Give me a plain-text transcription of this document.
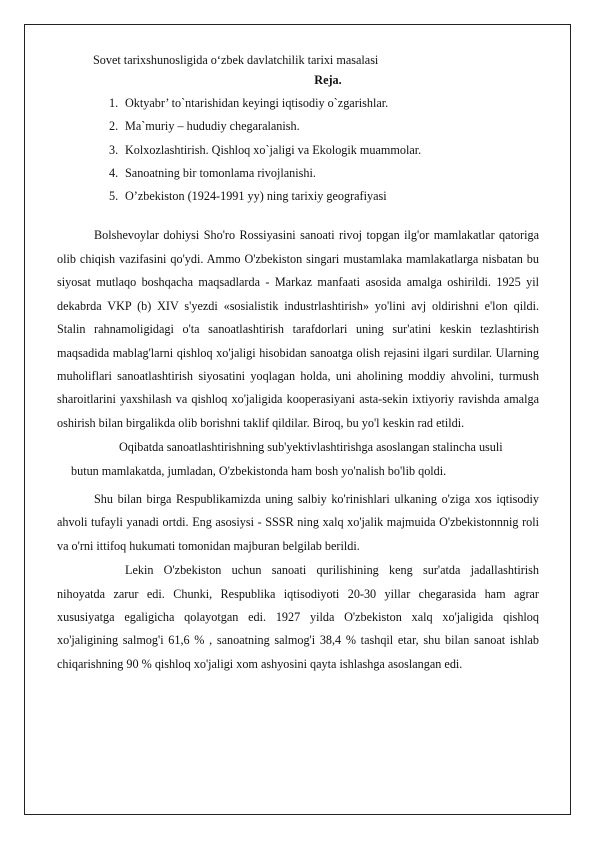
Sovet tarixshunosligida o‘zbek davlatchilik tarixi masalasi
Reja.
1. Oktyabr’ to`ntarishidan keyingi iqtisodiy o`zgarishlar.
2. Ma`muriy – hududiy chegaralanish.
3. Kolxozlashtirish. Qishloq xo`jaligi va Ekologik muammolar.
4. Sanoatning bir tomonlama rivojlanishi.
5. O’zbekiston (1924-1991 yy) ning tarixiy geografiyasi

Bolshevoylar dohiysi Sho'ro Rossiyasini sanoati rivoj topgan ilg'or mamlakatlar qatoriga olib chiqish vazifasini qo'ydi. Ammo O'zbekiston singari mustamlaka mamlakatlarga nisbatan bu siyosat mutlaqo boshqacha maqsadlarda - Markaz manfaati asosida amalga oshirildi. 1925 yil dekabrda VKP (b) XIV s'yezdi «sosialistik industrlashtirish» yo'lini avj oldirishni e'lon qildi. Stalin rahnamoligidagi o'ta sanoatlashtirish tarafdorlari uning sur'atini keskin tezlashtirish maqsadida mablag'larni qishloq xo'jaligi hisobidan sanoatga olish rejasini ilgari surdilar. Ularning muholiflari sanoatlashtirish siyosatini yoqlagan holda, uni aholining moddiy ahvolini, turmush sharoitlarini yaxshilash va qishloq xo'jaligida kooperasiyani asta-sekin ixtiyoriy ravishda amalga oshirish bilan birgalikda olib borishni taklif qildilar. Biroq, bu yo'l keskin rad etildi.

Oqibatda sanoatlashtirishning sub'yektivlashtirishga asoslangan stalincha usuli
butun mamlakatda, jumladan, O'zbekistonda ham bosh yo'nalish bo'lib qoldi.

Shu bilan birga Respublikamizda uning salbiy ko'rinishlari ulkaning o'ziga xos iqtisodiy ahvoli tufayli yanadi ortdi. Eng asosiysi - SSSR ning xalq xo'jalik majmuida O'zbekistonnnig roli va o'rni ittifoq hukumati tomonidan majburan belgilab berildi.

Lekin O'zbekiston uchun sanoati qurilishining keng sur'atda jadallashtirish nihoyatda zarur edi. Chunki, Respublika iqtisodiyoti 20-30 yillar chegarasida ham agrar xususiyatga egaligicha qolayotgan edi. 1927 yilda O'zbekiston xalq xo'jaligida qishloq xo'jaligining salmog'i 61,6 % , sanoatning salmog'i 38,4 % tashqil etar, shu bilan sanoat ishlab chiqarishning 90 % qishloq xo'jaligi xom ashyosini qayta ishlashga asoslangan edi.
